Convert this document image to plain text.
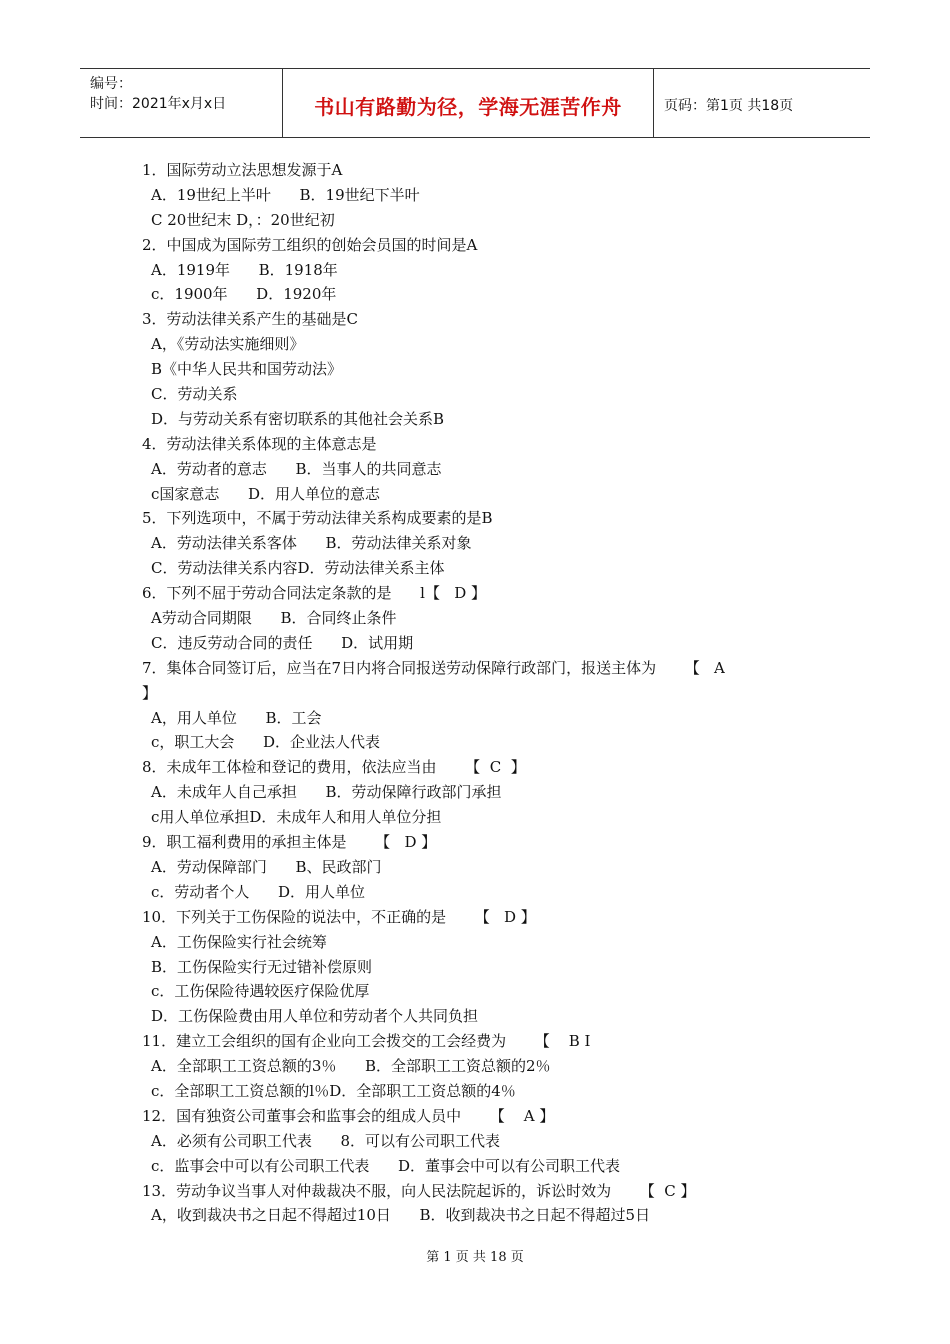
编号：
时间：2021年x月x日	书山有路勤为径，学海无涯苦作舟	页码：第1页 共18页
1．国际劳动立法思想发源于A
A．19世纪上半叶      B．19世纪下半叶
C 20世纪末 D，：20世纪初
2．中国成为国际劳工组织的创始会员国的时间是A
A．1919年      B．1918年
c．1900年      D．1920年
3．劳动法律关系产生的基础是C
A，《劳动法实施细则》
B《中华人民共和国劳动法》
C．劳动关系
D．与劳动关系有密切联系的其他社会关系B
4．劳动法律关系体现的主体意志是
A．劳动者的意志      B．当事人的共同意志
c国家意志      D．用人单位的意志
5．下列选项中，不属于劳动法律关系构成要素的是B
A．劳动法律关系客体      B．劳动法律关系对象
C．劳动法律关系内容D．劳动法律关系主体
6．下列不屈于劳动合同法定条款的是      l【   D 】
A劳动合同期限      B．合同终止条件
C．违反劳动合同的责任      D．试用期
7．集体合同签订后，应当在7日内将合同报送劳动保障行政部门，报送主体为      【   A
】
A，用人单位      B．工会
c，职工大会      D．企业法人代表
8．未成年工体检和登记的费用，依法应当由      【  C  】
A．未成年人自己承担      B．劳动保障行政部门承担
c用人单位承担D．未成年人和用人单位分担
9．职工福利费用的承担主体是      【   D 】
A．劳动保障部门      B、民政部门
c．劳动者个人      D．用人单位
10．下列关于工伤保险的说法中，不正确的是      【   D 】
A．工伤保险实行社会统筹
B．工伤保险实行无过错补偿原则
c．工伤保险待遇较医疗保险优厚
D．工伤保险费由用人单位和劳动者个人共同负担
11．建立工会组织的国有企业向工会拨交的工会经费为      【    B I
A．全部职工工资总额的3％      B．全部职工工资总额的2％
c．全部职工工资总额的l％D．全部职工工资总额的4％
12．国有独资公司董事会和监事会的组成人员中      【    A 】
A．必须有公司职工代表      8．可以有公司职工代表
c．监事会中可以有公司职工代表      D．董事会中可以有公司职工代表
13．劳动争议当事人对仲裁裁决不服，向人民法院起诉的，诉讼时效为      【  C 】
A，收到裁决书之日起不得超过10日      B．收到裁决书之日起不得超过5日
第 1 页 共 18 页
